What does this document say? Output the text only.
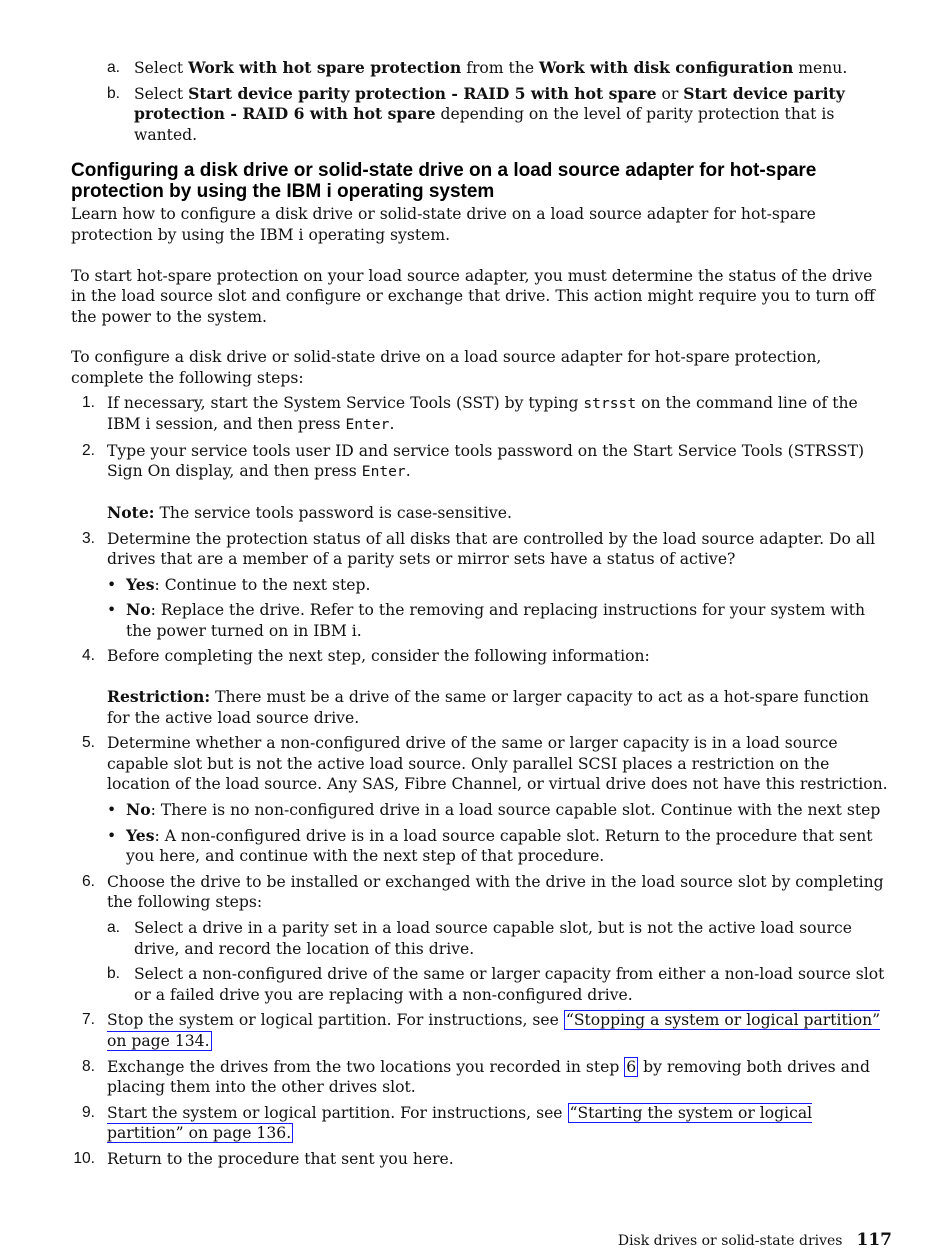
a. Select Work with hot spare protection from the Work with disk configuration menu.
b. Select Start device parity protection - RAID 5 with hot spare or Start device parity protection - RAID 6 with hot spare depending on the level of parity protection that is wanted.
Configuring a disk drive or solid-state drive on a load source adapter for hot-spare protection by using the IBM i operating system

Learn how to configure a disk drive or solid-state drive on a load source adapter for hot-spare protection by using the IBM i operating system.

To start hot-spare protection on your load source adapter, you must determine the status of the drive in the load source slot and configure or exchange that drive. This action might require you to turn off the power to the system.

To configure a disk drive or solid-state drive on a load source adapter for hot-spare protection, complete the following steps:

1. If necessary, start the System Service Tools (SST) by typing strsst on the command line of the IBM i session, and then press Enter.
2. Type your service tools user ID and service tools password on the Start Service Tools (STRSST) Sign On display, and then press Enter.
Note: The service tools password is case-sensitive.
3. Determine the protection status of all disks that are controlled by the load source adapter. Do all drives that are a member of a parity sets or mirror sets have a status of active?
• Yes: Continue to the next step.
• No: Replace the drive. Refer to the removing and replacing instructions for your system with the power turned on in IBM i.
4. Before completing the next step, consider the following information:
Restriction: There must be a drive of the same or larger capacity to act as a hot-spare function for the active load source drive.
5. Determine whether a non-configured drive of the same or larger capacity is in a load source capable slot but is not the active load source. Only parallel SCSI places a restriction on the location of the load source. Any SAS, Fibre Channel, or virtual drive does not have this restriction.
• No: There is no non-configured drive in a load source capable slot. Continue with the next step
• Yes: A non-configured drive is in a load source capable slot. Return to the procedure that sent you here, and continue with the next step of that procedure.
6. Choose the drive to be installed or exchanged with the drive in the load source slot by completing the following steps:
a. Select a drive in a parity set in a load source capable slot, but is not the active load source drive, and record the location of this drive.
b. Select a non-configured drive of the same or larger capacity from either a non-load source slot or a failed drive you are replacing with a non-configured drive.
7. Stop the system or logical partition. For instructions, see “Stopping a system or logical partition” on page 134.
8. Exchange the drives from the two locations you recorded in step 6 by removing both drives and placing them into the other drives slot.
9. Start the system or logical partition. For instructions, see “Starting the system or logical partition” on page 136.
10. Return to the procedure that sent you here.
Disk drives or solid-state drives 117
